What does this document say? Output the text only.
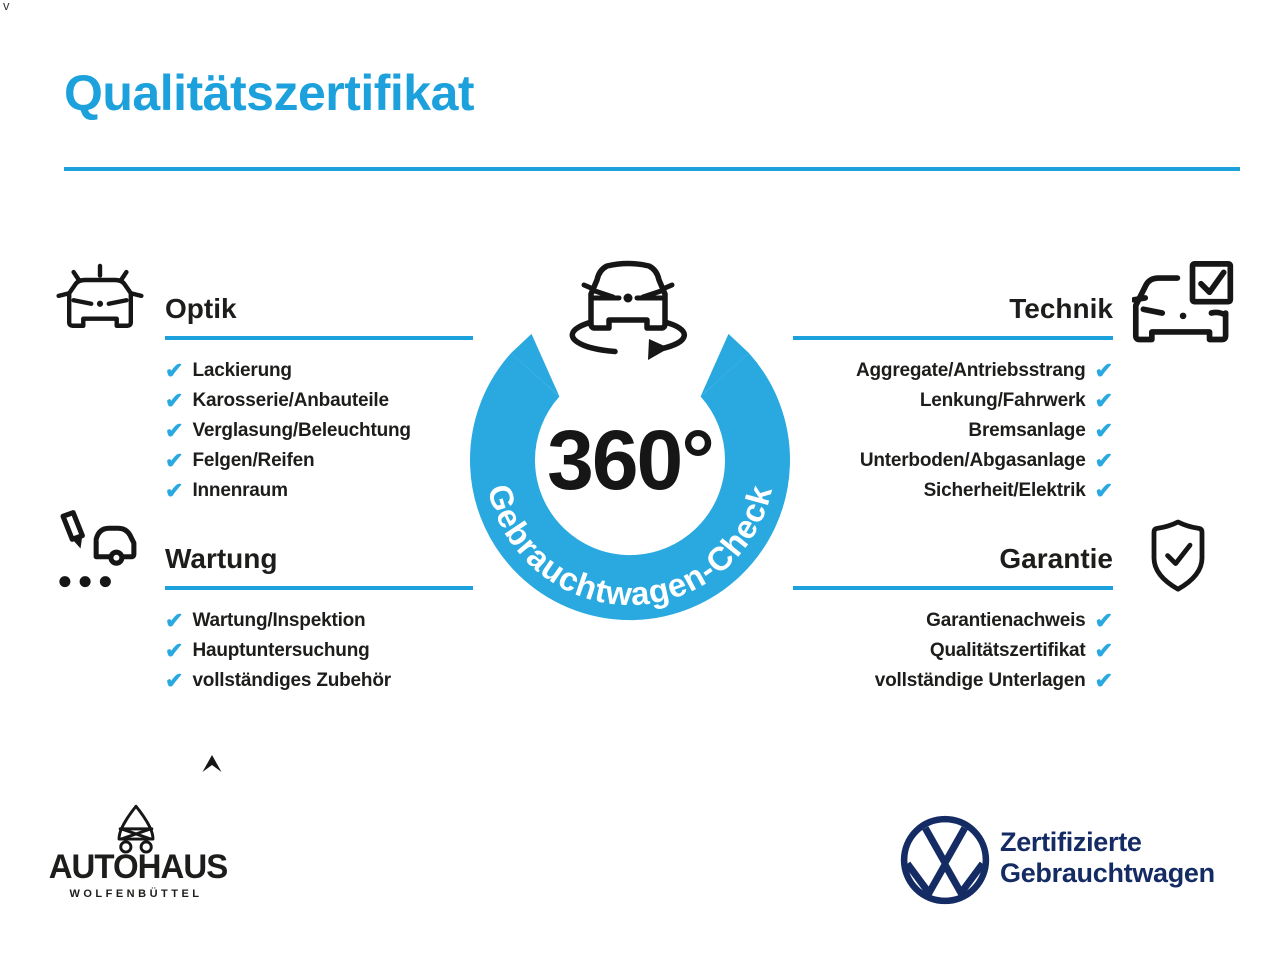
v
Qualitätszertifikat
Gebrauchtwagen-Check
360°
Optik
✔ Lackierung
✔ Karosserie/Anbauteile
✔ Verglasung/Beleuchtung
✔ Felgen/Reifen
✔ Innenraum
Wartung
✔ Wartung/Inspektion
✔ Hauptuntersuchung
✔ vollständiges Zubehör
Technik
Aggregate/Antriebsstrang ✔
Lenkung/Fahrwerk ✔
Bremsanlage ✔
Unterboden/Abgasanlage ✔
Sicherheit/Elektrik ✔
Garantie
Garantienachweis ✔
Qualitätszertifikat ✔
vollständige Unterlagen ✔
AUTOHAUS
WOLFENBÜTTEL
Zertifizierte
Gebrauchtwagen
